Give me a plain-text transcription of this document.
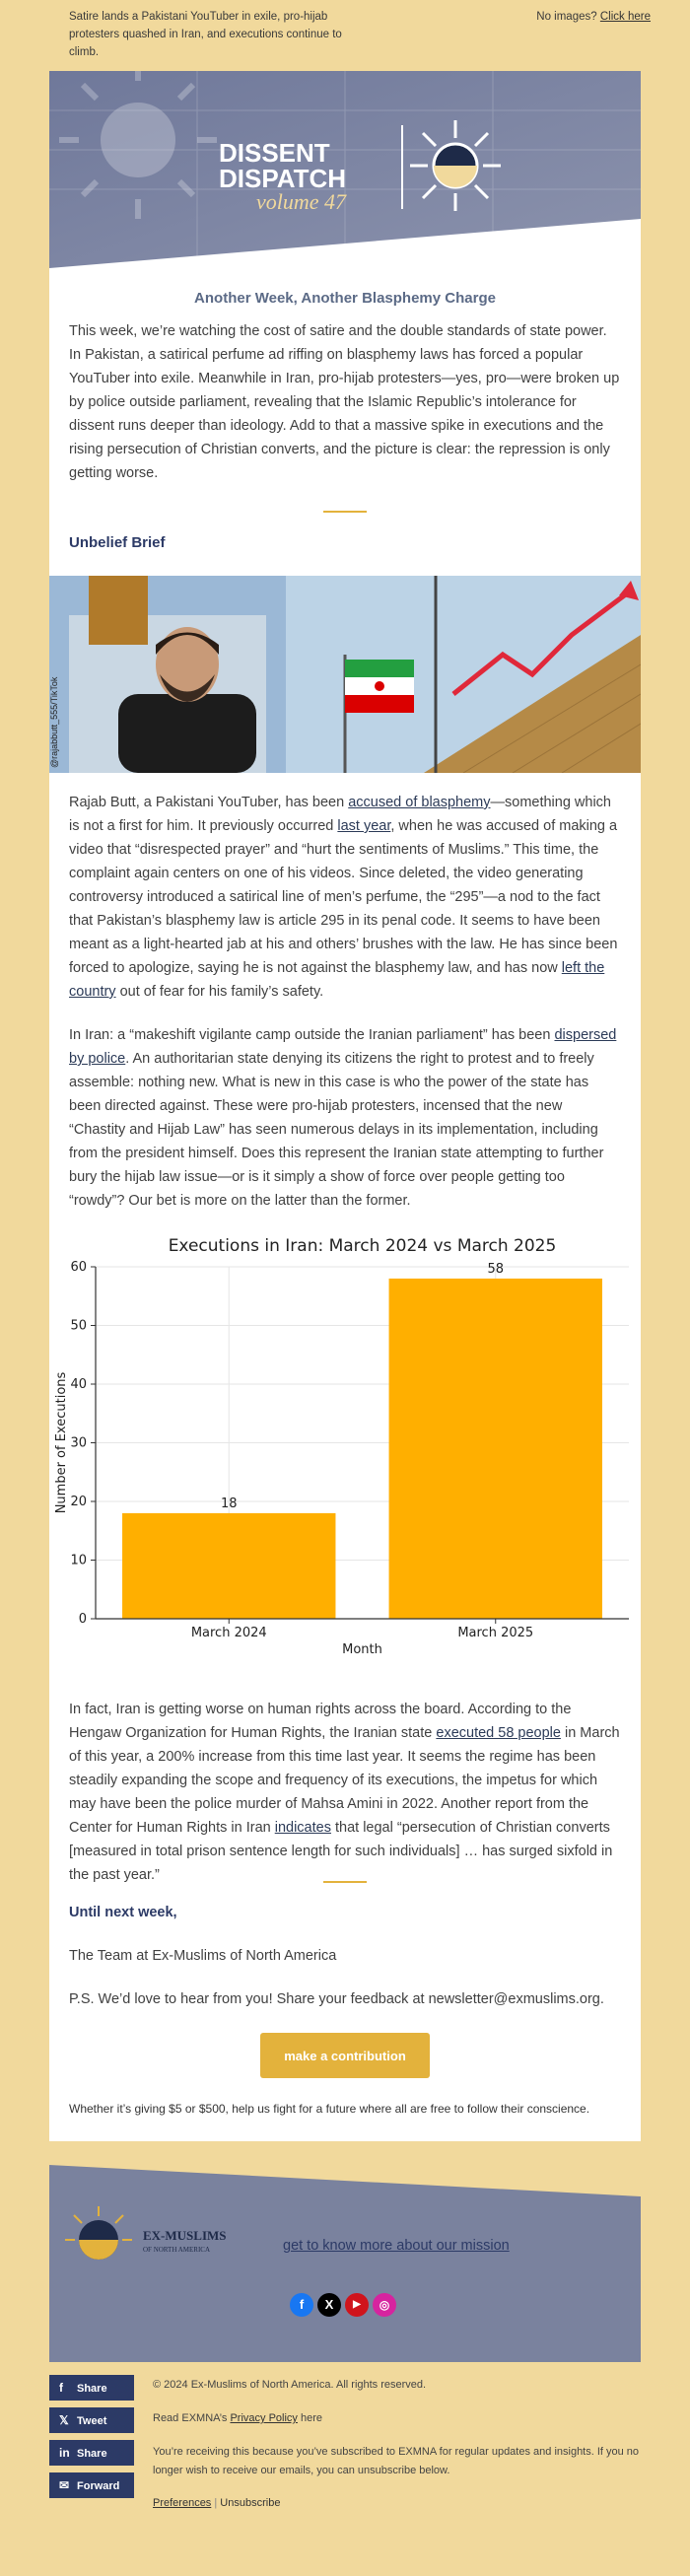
Satire lands a Pakistani YouTuber in exile, pro-hijab protesters quashed in Iran, and executions continue to climb.
No images? Click here
DISSENT
DISPATCH
volume 47
Another Week, Another Blasphemy Charge
This week, we’re watching the cost of satire and the double standards of state power. In Pakistan, a satirical perfume ad riffing on blasphemy laws has forced a popular YouTuber into exile. Meanwhile in Iran, pro-hijab protesters—yes, pro—were broken up by police outside parliament, revealing that the Islamic Republic’s intolerance for dissent runs deeper than ideology. Add to that a massive spike in executions and the rising persecution of Christian converts, and the picture is clear: the repression is only getting worse.
Unbelief Brief
@rajabbutt_555/TikTok
Rajab Butt, a Pakistani YouTuber, has been accused of blasphemy—something which is not a first for him. It previously occurred last year, when he was accused of making a video that “disrespected prayer” and “hurt the sentiments of Muslims.” This time, the complaint again centers on one of his videos. Since deleted, the video generating controversy introduced a satirical line of men’s perfume, the “295”—a nod to the fact that Pakistan’s blasphemy law is article 295 in its penal code. It seems to have been meant as a light-hearted jab at his and others’ brushes with the law. He has since been forced to apologize, saying he is not against the blasphemy law, and has now left the country out of fear for his family’s safety.
In Iran: a “makeshift vigilante camp outside the Iranian parliament” has been dispersed by police. An authoritarian state denying its citizens the right to protest and to freely assemble: nothing new. What is new in this case is who the power of the state has been directed against. These were pro-hijab protesters, incensed that the new “Chastity and Hijab Law” has seen numerous delays in its implementation, including from the president himself. Does this represent the Iranian state attempting to further bury the hijab law issue—or is it simply a show of force over people getting too “rowdy”? Our bet is more on the latter than the former.
Executions in Iran: March 2024 vs March 2025
18
March 2024
58
March 2025
0
10
20
30
40
50
60
Month
Number of Executions
In fact, Iran is getting worse on human rights across the board. According to the Hengaw Organization for Human Rights, the Iranian state executed 58 people in March of this year, a 200% increase from this time last year. It seems the regime has been steadily expanding the scope and frequency of its executions, the impetus for which may have been the police murder of Mahsa Amini in 2022. Another report from the Center for Human Rights in Iran indicates that legal “persecution of Christian converts [measured in total prison sentence length for such individuals] … has surged sixfold in the past year.”
Until next week,
The Team at Ex-Muslims of North America
P.S. We’d love to hear from you! Share your feedback at newsletter@exmuslims.org.
make a contribution
Whether it’s giving $5 or $500, help us fight for a future where all are free to follow their conscience.
EX-MUSLIMS
OF NORTH AMERICA	get to know more about our mission
f	X	▶	◎
f Share
𝕏 Tweet
in Share
✉ Forward
© 2024 Ex-Muslims of North America. All rights reserved.
Read EXMNA’s Privacy Policy here
You’re receiving this because you’ve subscribed to EXMNA for regular updates and insights. If you no longer wish to receive our emails, you can unsubscribe below.
Preferences | Unsubscribe
